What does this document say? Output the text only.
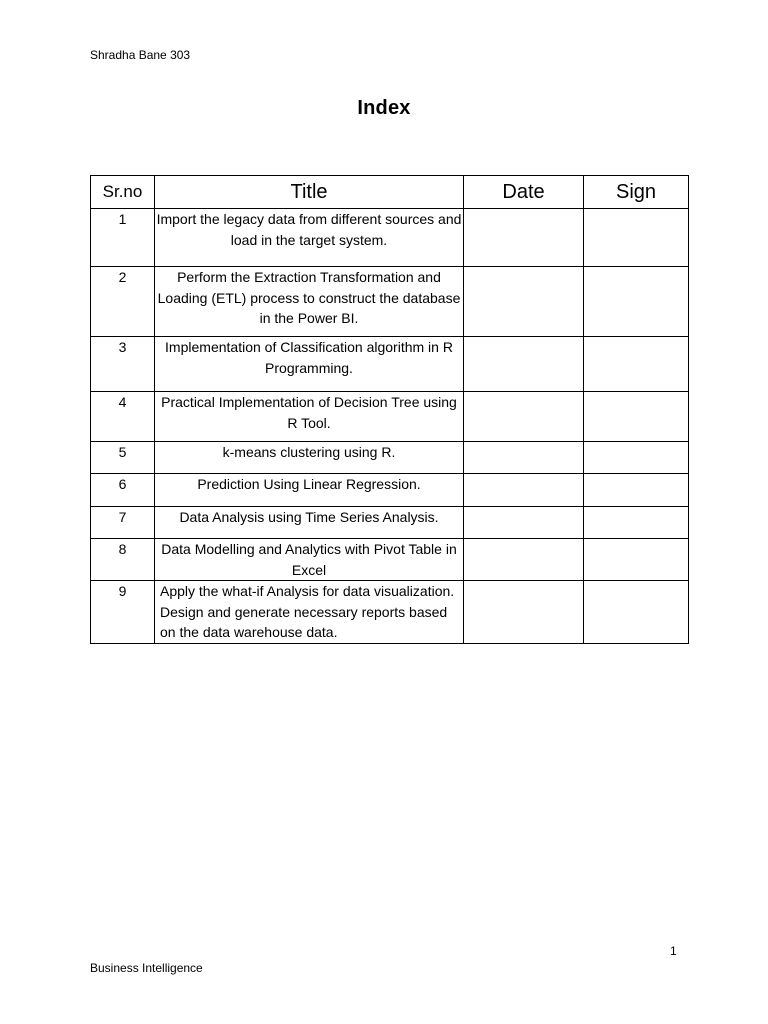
Shradha Bane 303
Index
Sr.no	Title	Date	Sign
1	Import the legacy data from different sources and load in the target system.		
2	Perform the Extraction Transformation and Loading (ETL) process to construct the database in the Power BI.		
3	Implementation of Classification algorithm in R Programming.		
4	Practical Implementation of Decision Tree using R Tool.		
5	k-means clustering using R.		
6	Prediction Using Linear Regression.		
7	Data Analysis using Time Series Analysis.		
8	Data Modelling and Analytics with Pivot Table in Excel		
9	Apply the what-if Analysis for data visualization. Design and generate necessary reports based on the data warehouse data.		
1
Business Intelligence
